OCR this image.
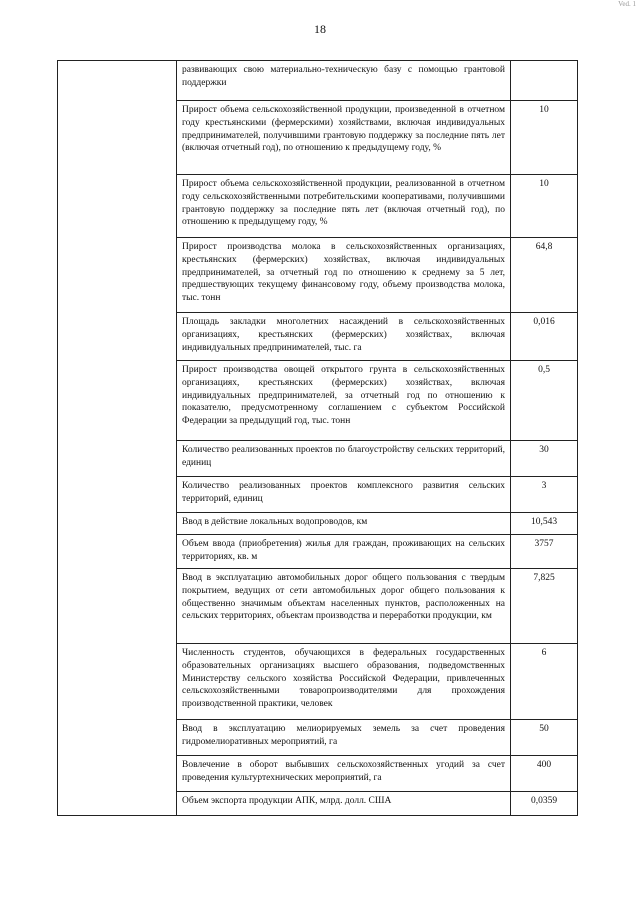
Ved. 1
18
	развивающих свою материально-техническую базу с помощью грантовой поддержки	
	Прирост объема сельскохозяйственной продукции, произведенной в отчетном году крестьянскими (фермерскими) хозяйствами, включая индивидуальных предпринимателей, получившими грантовую поддержку за последние пять лет (включая отчетный год), по отношению к предыдущему году, %	10
	Прирост объема сельскохозяйственной продукции, реализованной в отчетном году сельскохозяйственными потребительскими кооперативами, получившими грантовую поддержку за последние пять лет (включая отчетный год), по отношению к предыдущему году, %	10
	Прирост производства молока в сельскохозяйственных организациях, крестьянских (фермерских) хозяйствах, включая индивидуальных предпринимателей, за отчетный год по отношению к среднему за 5 лет, предшествующих текущему финансовому году, объему производства молока, тыс. тонн	64,8
	Площадь закладки многолетних насаждений в сельскохозяйственных организациях, крестьянских (фермерских) хозяйствах, включая индивидуальных предпринимателей, тыс. га	0,016
	Прирост производства овощей открытого грунта в сельскохозяйственных организациях, крестьянских (фермерских) хозяйствах, включая индивидуальных предпринимателей, за отчетный год по отношению к показателю, предусмотренному соглашением с субъектом Российской Федерации за предыдущий год, тыс. тонн	0,5
	Количество реализованных проектов по благоустройству сельских территорий, единиц	30
	Количество реализованных проектов комплексного развития сельских территорий, единиц	3
	Ввод в действие локальных водопроводов, км	10,543
	Объем ввода (приобретения) жилья для граждан, проживающих на сельских территориях, кв. м	3757
	Ввод в эксплуатацию автомобильных дорог общего пользования с твердым покрытием, ведущих от сети автомобильных дорог общего пользования к общественно значимым объектам населенных пунктов, расположенных на сельских территориях, объектам производства и переработки продукции, км	7,825
	Численность студентов, обучающихся в федеральных государственных образовательных организациях высшего образования, подведомственных Министерству сельского хозяйства Российской Федерации, привлеченных сельскохозяйственными товаропроизводителями для прохождения производственной практики, человек	6
	Ввод в эксплуатацию мелиорируемых земель за счет проведения гидромелиоративных мероприятий, га	50
	Вовлечение в оборот выбывших сельскохозяйственных угодий за счет проведения культуртехнических мероприятий, га	400
	Объем экспорта продукции АПК, млрд. долл. США	0,0359
